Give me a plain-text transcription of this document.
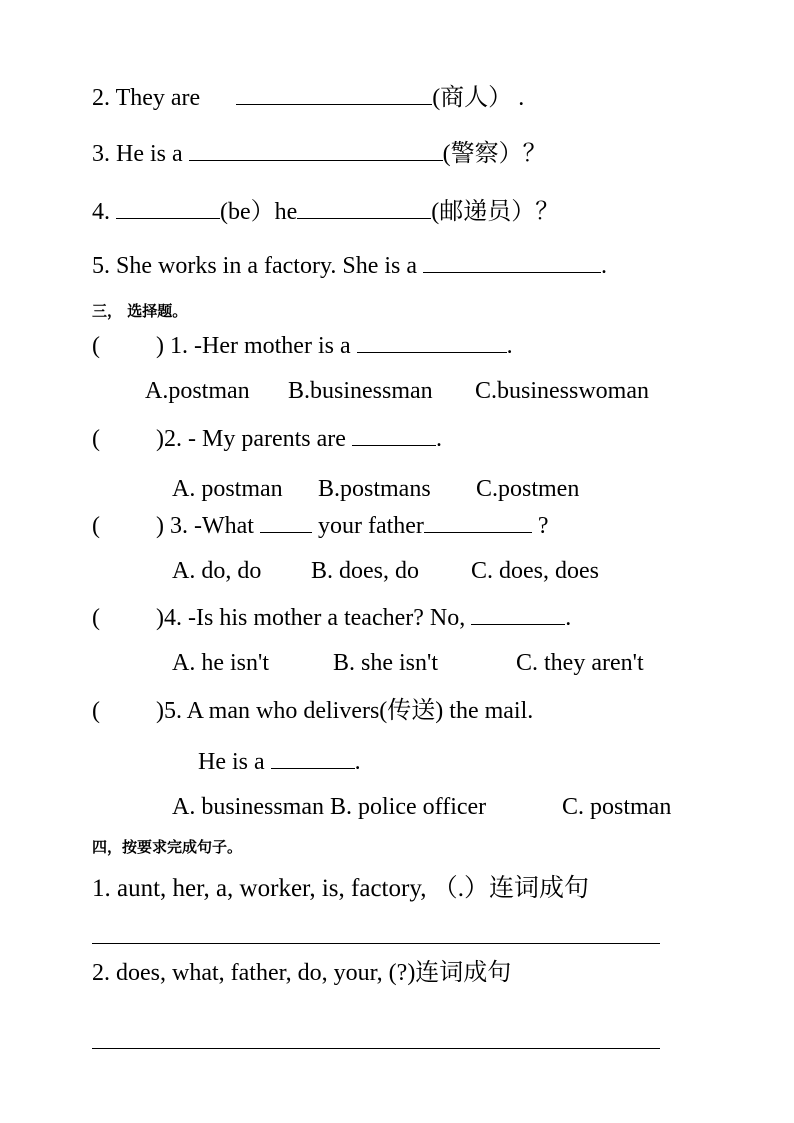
2. They are	(商人） .
3. He is a	(警察）？
4.	(be）he	(邮递员）？
5. She works in a factory. She is a	.
三， 选择题。
( ) 1. -Her mother is a	.
A.postman B.businessman C.businesswoman
( )2. - My parents are	.
A. postman B.postmans C.postmen
( ) 3. -What	your father	?
A. do, do B. does, do C. does, does
( )4. -Is his mother a teacher? No,	.
A. he isn't	B. she isn't	C. they aren't
( )5. A man who delivers(传送) the mail.
He is a	.
A. businessman B. police officer	C. postman
四，按要求完成句子。
1. aunt, her, a, worker, is, factory, （.）连词成句
2. does, what, father, do, your, (?)连词成句
